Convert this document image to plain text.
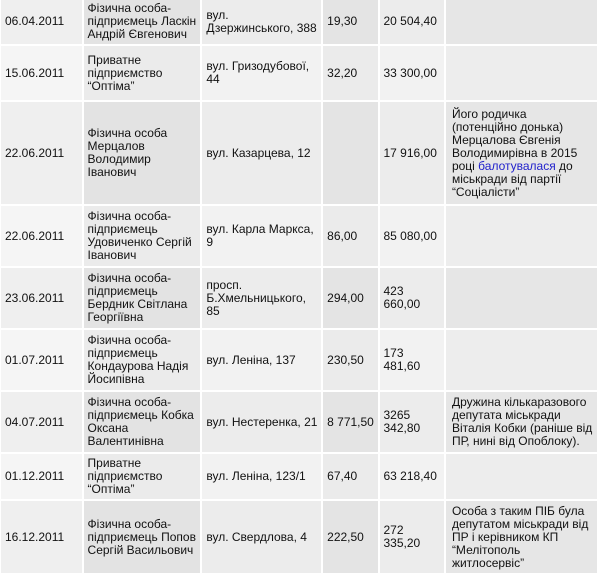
06.04.2011	Фізична особа-підприємець Ласкін Андрій Євгенович	вул. Дзержинського, 388	19,30	20 504,40	
15.06.2011	Приватне підприємство “Оптіма”	вул. Гризодубової, 44	32,20	33 300,00	
22.06.2011	Фізична особа Мерцалов Володимир Іванович	вул. Казарцева, 12		17 916,00	Його родичка (потенційно донька) Мерцалова Євгенія Володимирівна в 2015 році балотувалася до міськради від партії “Соціалісти”
22.06.2011	Фізична особа-підприємець Удовиченко Сергій Іванович	вул. Карла Маркса, 9	86,00	85 080,00	
23.06.2011	Фізична особа-підприємець Бердник Світлана Георгіївна	просп. Б.Хмельницького, 85	294,00	423 660,00	
01.07.2011	Фізична особа-підприємець Кондаурова Надія Йосипівна	вул. Леніна, 137	230,50	173 481,60	
04.07.2011	Фізична особа-підприємець Кобка Оксана Валентинівна	вул. Нестеренка, 21	8 771,50	3265 342,80	Дружина кількаразового депутата міськради Віталія Кобки (раніше від ПР, нині від Опоблоку).
01.12.2011	Приватне підприємство “Оптіма”	вул. Леніна, 123/1	67,40	63 218,40	
16.12.2011	Фізична особа-підприємець Попов Сергій Васильович	вул. Свердлова, 4	222,50	272 335,20	Особа з таким ПІБ була депутатом міськради від ПР і керівником КП “Мелітополь житлосервіс”
